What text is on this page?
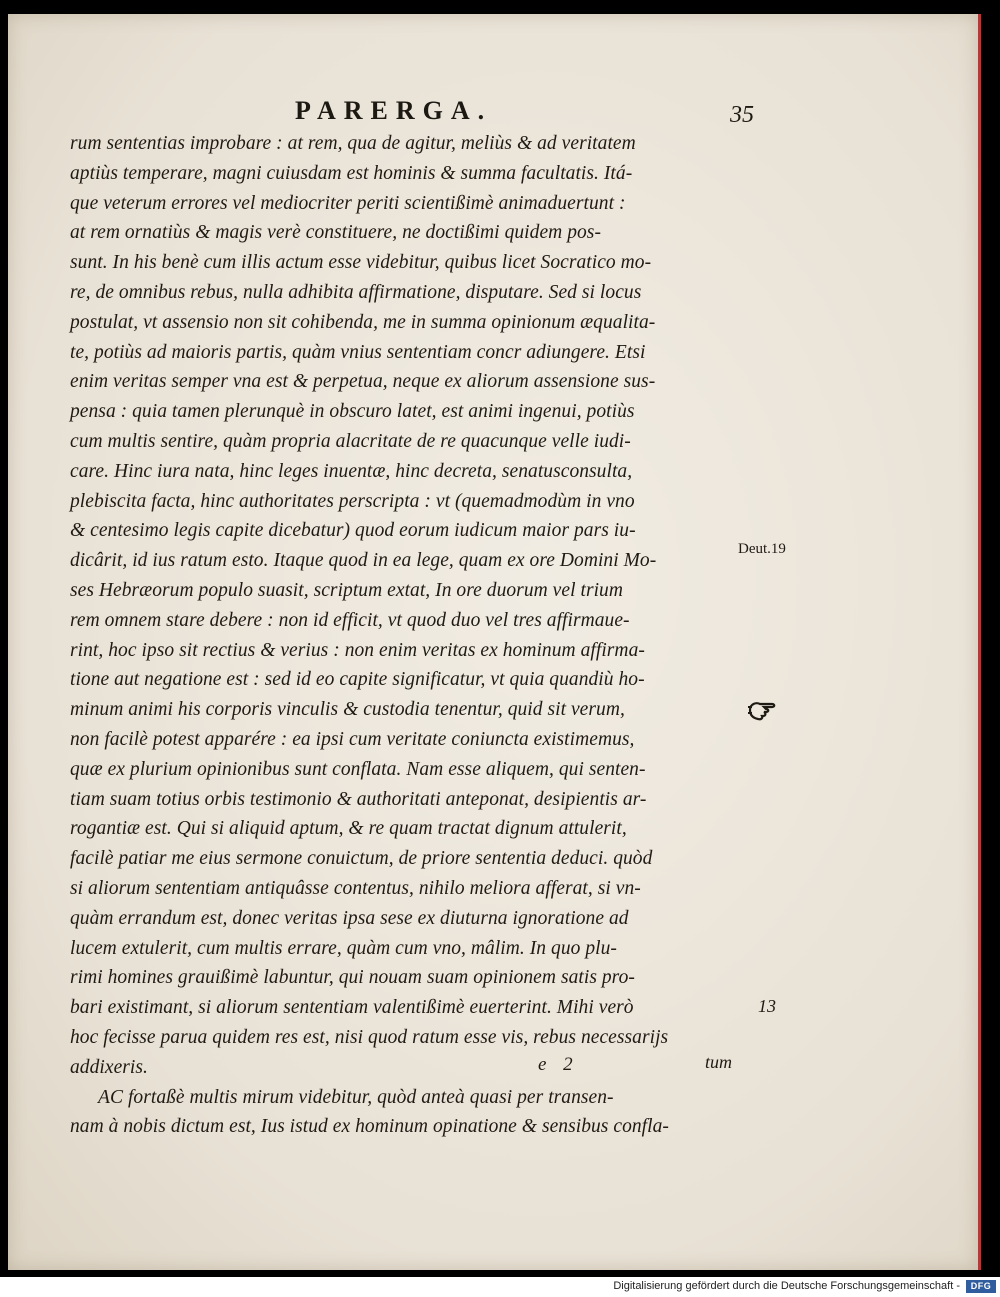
PARERGA.	35
rum sententias improbare : at rem, qua de agitur, meliùs & ad veritatem
aptiùs temperare, magni cuiusdam est hominis & summa facultatis. Itá-
que veterum errores vel mediocriter periti scientißimè animaduertunt :
at rem ornatiùs & magis verè constituere, ne doctißimi quidem pos-
sunt. In his benè cum illis actum esse videbitur, quibus licet Socratico mo-
re, de omnibus rebus, nulla adhibita affirmatione, disputare. Sed si locus
postulat, vt assensio non sit cohibenda, me in summa opinionum æqualita-
te, potiùs ad maioris partis, quàm vnius sententiam concr adiungere. Etsi
enim veritas semper vna est & perpetua, neque ex aliorum assensione sus-
pensa : quia tamen plerunquè in obscuro latet, est animi ingenui, potiùs
cum multis sentire, quàm propria alacritate de re quacunque velle iudi-
care. Hinc iura nata, hinc leges inuentæ, hinc decreta, senatusconsulta,
plebiscita facta, hinc authoritates perscripta : vt (quemadmodùm in vno
& centesimo legis capite dicebatur) quod eorum iudicum maior pars iu-
dicârit, id ius ratum esto. Itaque quod in ea lege, quam ex ore Domini Mo-
ses Hebræorum populo suasit, scriptum extat, In ore duorum vel trium
rem omnem stare debere : non id efficit, vt quod duo vel tres affirmaue-
rint, hoc ipso sit rectius & verius : non enim veritas ex hominum affirma-
tione aut negatione est : sed id eo capite significatur, vt quia quandiù ho-
minum animi his corporis vinculis & custodia tenentur, quid sit verum,
non facilè potest apparére : ea ipsi cum veritate coniuncta existimemus,
quæ ex plurium opinionibus sunt conflata. Nam esse aliquem, qui senten-
tiam suam totius orbis testimonio & authoritati anteponat, desipientis ar-
rogantiæ est. Qui si aliquid aptum, & re quam tractat dignum attulerit,
facilè patiar me eius sermone conuictum, de priore sententia deduci. quòd
si aliorum sententiam antiquâsse contentus, nihilo meliora afferat, si vn-
quàm errandum est, donec veritas ipsa sese ex diuturna ignoratione ad
lucem extulerit, cum multis errare, quàm cum vno, mâlim. In quo plu-
rimi homines grauißimè labuntur, qui nouam suam opinionem satis pro-
bari existimant, si aliorum sententiam valentißimè euerterint. Mihi verò
hoc fecisse parua quidem res est, nisi quod ratum esse vis, rebus necessarijs
addixeris.
AC fortaßè multis mirum videbitur, quòd anteà quasi per transen-
nam à nobis dictum est, Ius istud ex hominum opinatione & sensibus confla-
Deut.19
13
e 2	tum
Digitalisierung gefördert durch die Deutsche Forschungsgemeinschaft -	DFG
